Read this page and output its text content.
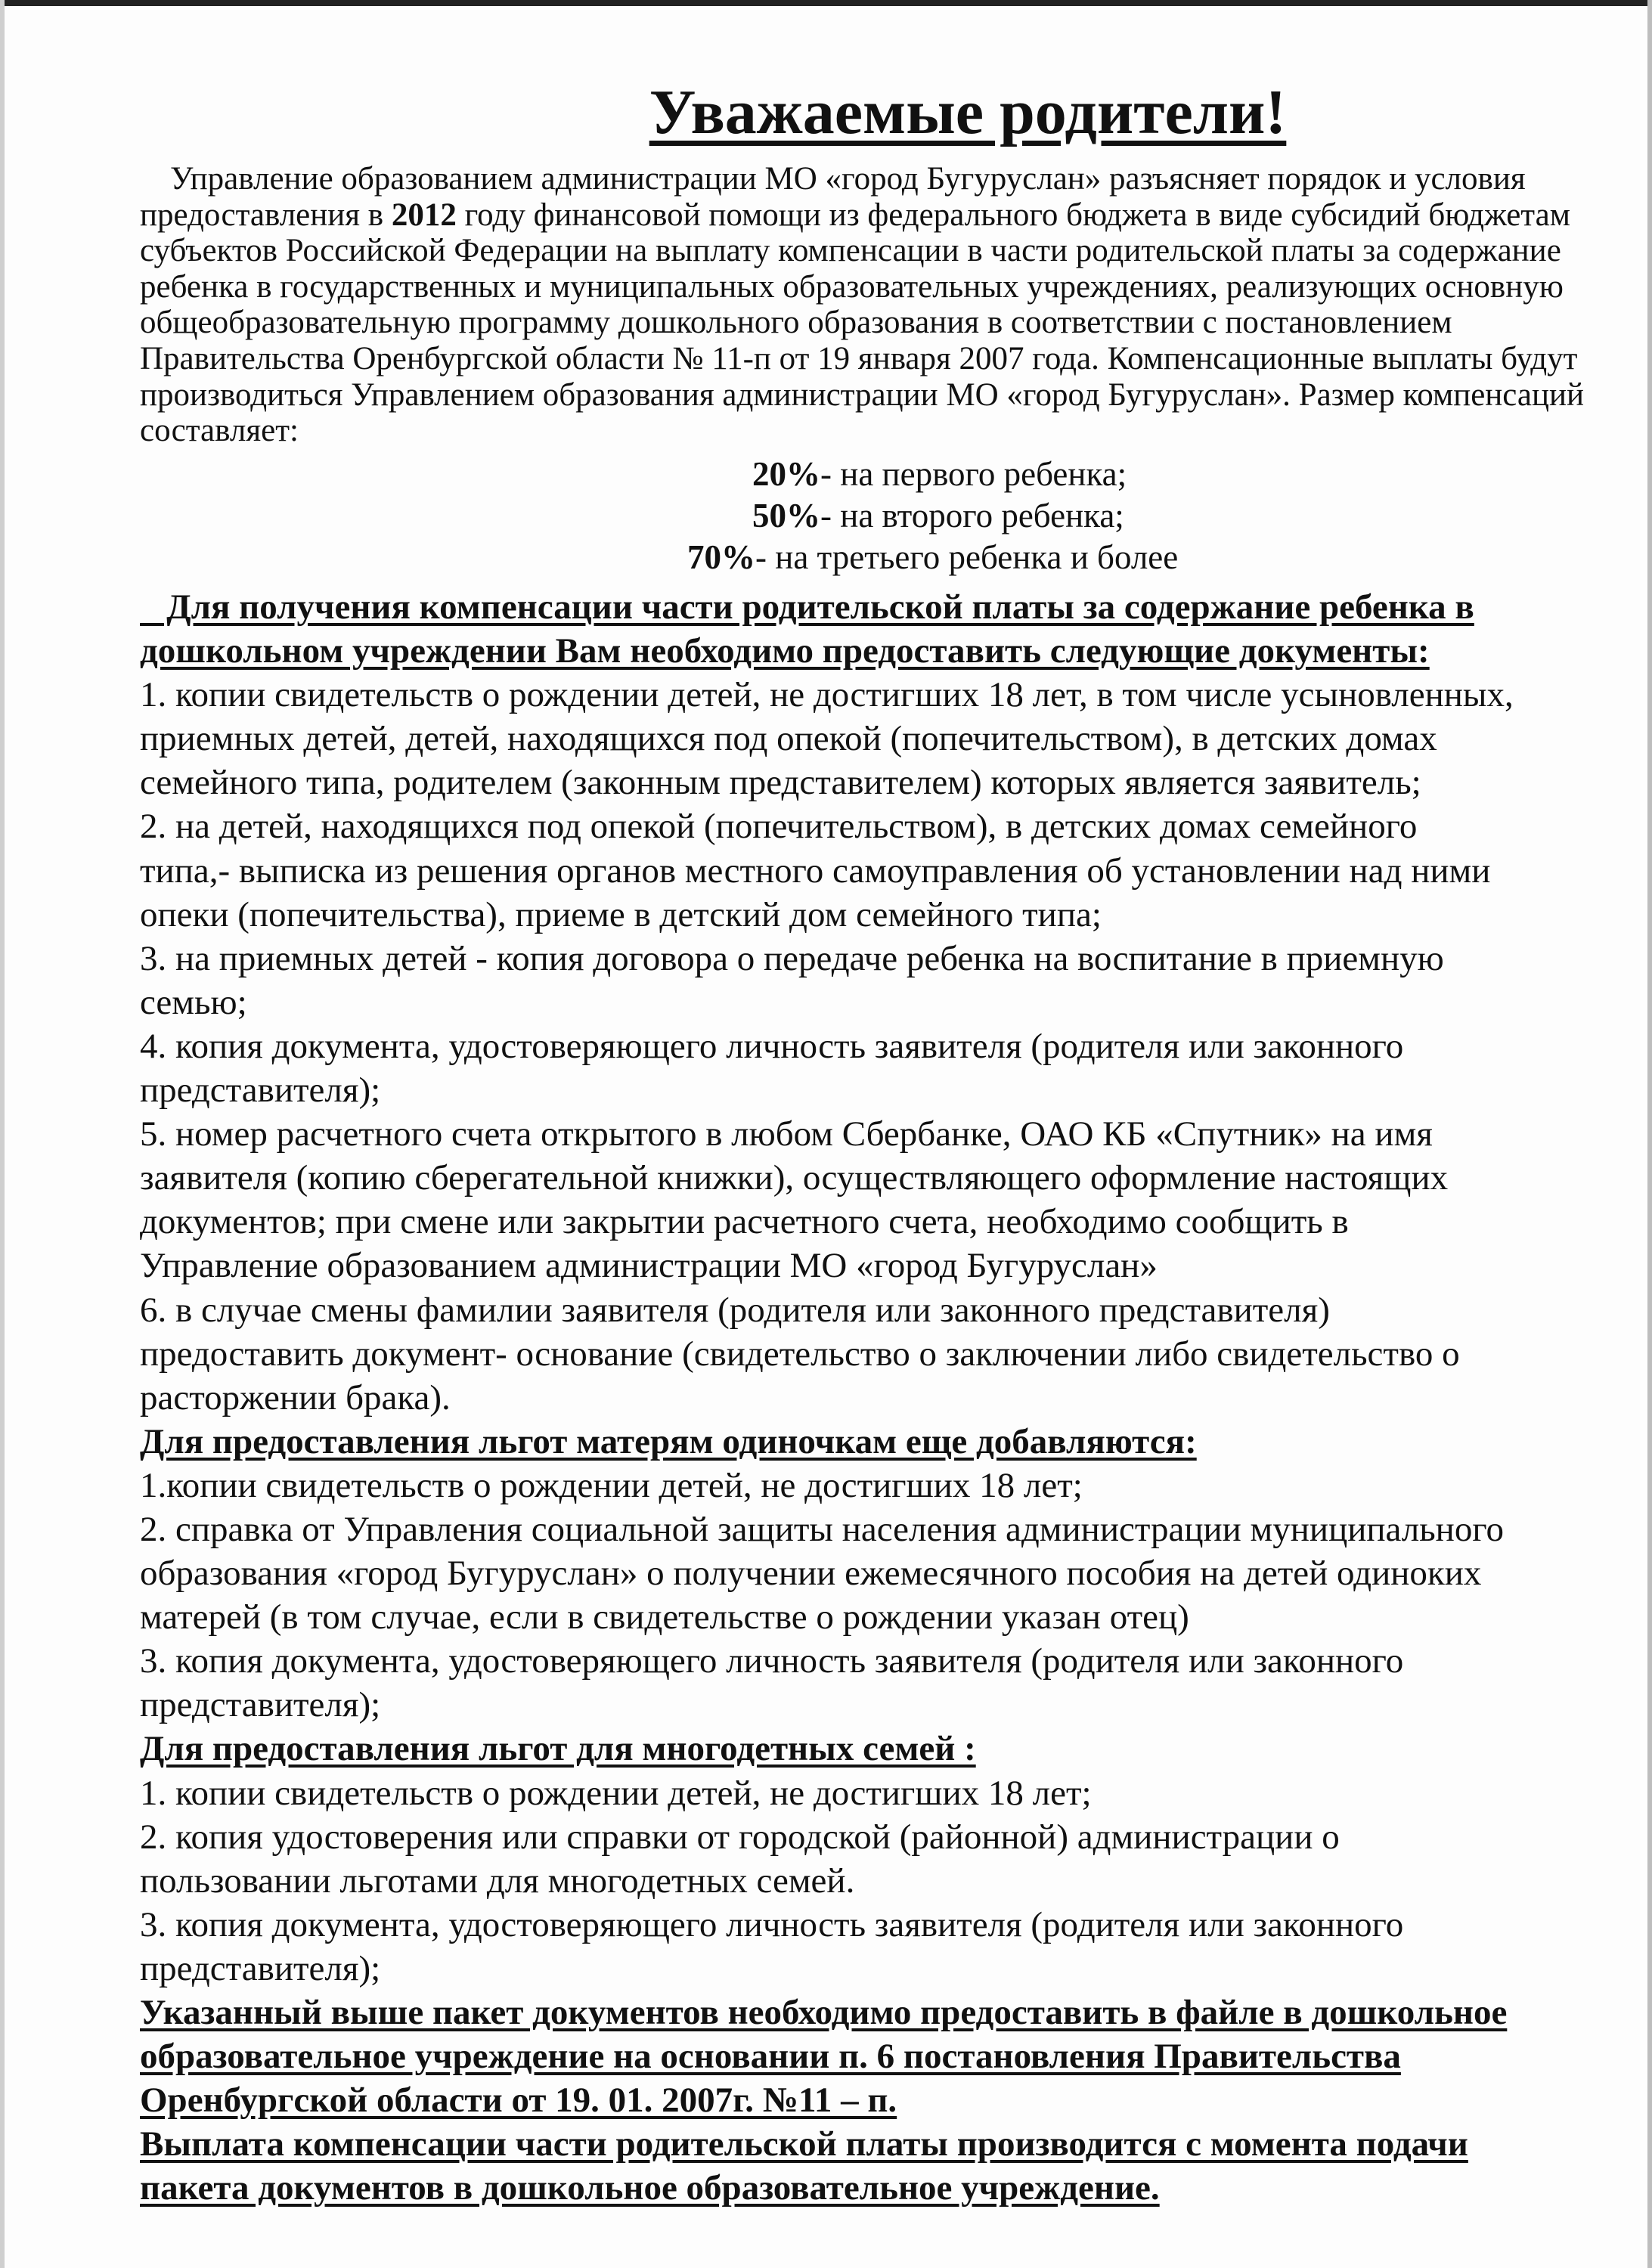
Уважаемые родители!
Управление образованием администрации МО «город Бугуруслан» разъясняет порядок и условия
предоставления в 2012 году финансовой помощи из федерального бюджета в виде субсидий бюджетам
субъектов Российской Федерации на выплату компенсации в части родительской платы за содержание
ребенка в государственных и муниципальных образовательных учреждениях, реализующих основную
общеобразовательную программу дошкольного образования в соответствии с постановлением
Правительства Оренбургской области № 11-п от 19 января 2007 года. Компенсационные выплаты будут
производиться Управлением образования администрации МО «город Бугуруслан». Размер компенсаций
составляет:
20%- на первого ребенка;
50%- на второго ребенка;
70%- на третьего ребенка и более
Для получения компенсации части родительской платы за содержание ребенка в
дошкольном учреждении Вам необходимо предоставить следующие документы:
1. копии свидетельств о рождении детей, не достигших 18 лет, в том числе усыновленных,
приемных детей, детей, находящихся под опекой (попечительством), в детских домах
семейного типа, родителем (законным представителем) которых является заявитель;
2. на детей, находящихся под опекой (попечительством), в детских домах семейного
типа,- выписка из решения органов местного самоуправления об установлении над ними
опеки (попечительства), приеме в детский дом семейного типа;
3. на приемных детей - копия договора о передаче ребенка на воспитание в приемную
семью;
4. копия документа, удостоверяющего личность заявителя (родителя или законного
представителя);
5. номер расчетного счета открытого в любом Сбербанке, ОАО КБ «Спутник» на имя
заявителя (копию сберегательной книжки), осуществляющего оформление настоящих
документов; при смене или закрытии расчетного счета, необходимо сообщить в
Управление образованием администрации МО «город Бугуруслан»
6. в случае смены фамилии заявителя (родителя или законного представителя)
предоставить документ- основание (свидетельство о заключении либо свидетельство о
расторжении брака).
Для предоставления льгот матерям одиночкам еще добавляются:
1.копии свидетельств о рождении детей, не достигших 18 лет;
2. справка от Управления социальной защиты населения администрации муниципального
образования «город Бугуруслан» о получении ежемесячного пособия на детей одиноких
матерей (в том случае, если в свидетельстве о рождении указан отец)
3. копия документа, удостоверяющего личность заявителя (родителя или законного
представителя);
Для предоставления льгот для многодетных семей :
1. копии свидетельств о рождении детей, не достигших 18 лет;
2. копия удостоверения или справки от городской (районной) администрации о
пользовании льготами для многодетных семей.
3. копия документа, удостоверяющего личность заявителя (родителя или законного
представителя);
Указанный выше пакет документов необходимо предоставить в файле в дошкольное
образовательное учреждение на основании п. 6 постановления Правительства
Оренбургской области от 19. 01. 2007г. №11 – п.
Выплата компенсации части родительской платы производится с момента подачи
пакета документов в дошкольное образовательное учреждение.
